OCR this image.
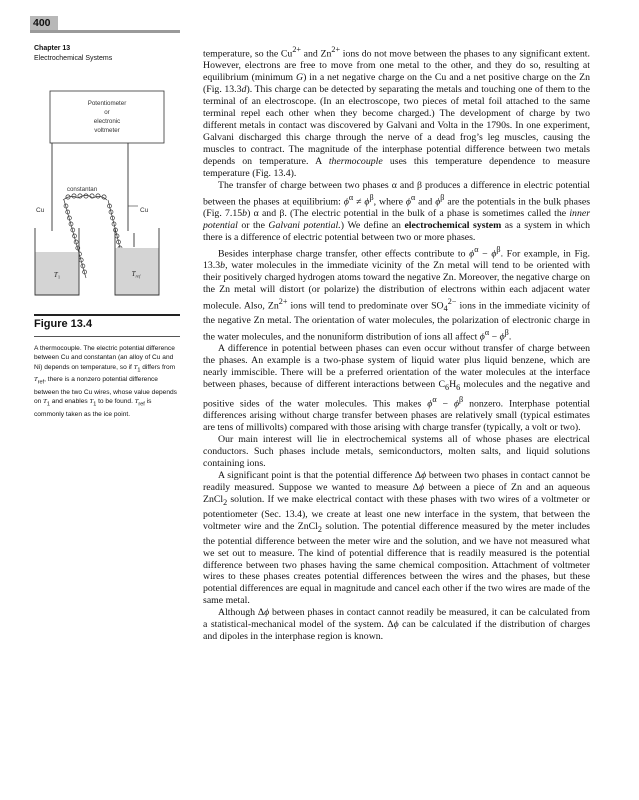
400
Chapter 13
Electrochemical Systems
Potentiometer
or
electronic
voltmeter
constantan
Cu	Cu
$T_1$	$T_{ref}$
Figure 13.4

A thermocouple. The electric potential difference between Cu and constantan (an alloy of Cu and Ni) depends on temperature, so if $T_1$ differs from $T_{ref}$, there is a nonzero potential difference between the two Cu wires, whose value depends on $T_1$ and enables $T_1$ to be found. $T_{ref}$ is commonly taken as the ice point.

temperature, so the $Cu^{2+}$ and $Zn^{2+}$ ions do not move between the phases to any significant extent. However, electrons are free to move from one metal to the other, and they do so, resulting at equilibrium (minimum G) in a net negative charge on the Cu and a net positive charge on the Zn (Fig. 13.3d). This charge can be detected by separating the metals and touching one of them to the terminal of an electroscope. (In an electroscope, two pieces of metal foil attached to the same terminal repel each other when they become charged.) The development of charge by two different metals in contact was discovered by Galvani and Volta in the 1790s. In one experiment, Galvani discharged this charge through the nerve of a dead frog’s leg muscles, causing the muscles to contract. The magnitude of the interphase potential difference between two metals depends on temperature. A thermocouple uses this temperature dependence to measure temperature (Fig. 13.4).

The transfer of charge between two phases α and β produces a difference in electric potential between the phases at equilibrium: $\phi^\alpha \ne \phi^\beta$, where $\phi^\alpha$ and $\phi^\beta$ are the potentials in the bulk phases (Fig. 7.15b) α and β. (The electric potential in the bulk of a phase is sometimes called the inner potential or the Galvani potential.) We define an electrochemical system as a system in which there is a difference of electric potential between two or more phases.

Besides interphase charge transfer, other effects contribute to $\phi^\alpha - \phi^\beta$. For example, in Fig. 13.3b, water molecules in the immediate vicinity of the Zn metal will tend to be oriented with their positively charged hydrogen atoms toward the negative Zn. Moreover, the negative charge on the Zn metal will distort (or polarize) the distribution of electrons within each adjacent water molecule. Also, $Zn^{2+}$ ions will tend to predominate over $SO_4^{2-}$ ions in the immediate vicinity of the negative Zn metal. The orientation of water molecules, the polarization of electronic charge in the water molecules, and the nonuniform distribution of ions all affect $\phi^\alpha - \phi^\beta$.

A difference in potential between phases can even occur without transfer of charge between the phases. An example is a two-phase system of liquid water plus liquid benzene, which are nearly immiscible. There will be a preferred orientation of the water molecules at the interface between phases, because of different interactions between $C_6H_6$ molecules and the negative and positive sides of the water molecules. This makes $\phi^\alpha - \phi^\beta$ nonzero. Interphase potential differences arising without charge transfer between phases are relatively small (typical estimates are tens of millivolts) compared with those arising with charge transfer (typically, a volt or two).

Our main interest will lie in electrochemical systems all of whose phases are electrical conductors. Such phases include metals, semiconductors, molten salts, and liquid solutions containing ions.

A significant point is that the potential difference Δϕ between two phases in contact cannot be readily measured. Suppose we wanted to measure Δϕ between a piece of Zn and an aqueous ZnCl$_2$ solution. If we make electrical contact with these phases with two wires of a voltmeter or potentiometer (Sec. 13.4), we create at least one new interface in the system, that between the voltmeter wire and the ZnCl$_2$ solution. The potential difference measured by the meter includes the potential difference between the meter wire and the solution, and we have not measured what we set out to measure. The kind of potential difference that is readily measured is the potential difference between two phases having the same chemical composition. Attachment of voltmeter wires to these phases creates potential differences between the wires and the phases, but these potential differences are equal in magnitude and cancel each other if the two wires are made of the same metal.

Although Δϕ between phases in contact cannot readily be measured, it can be calculated from a statistical-mechanical model of the system. Δϕ can be calculated if the distribution of charges and dipoles in the interphase region is known.
